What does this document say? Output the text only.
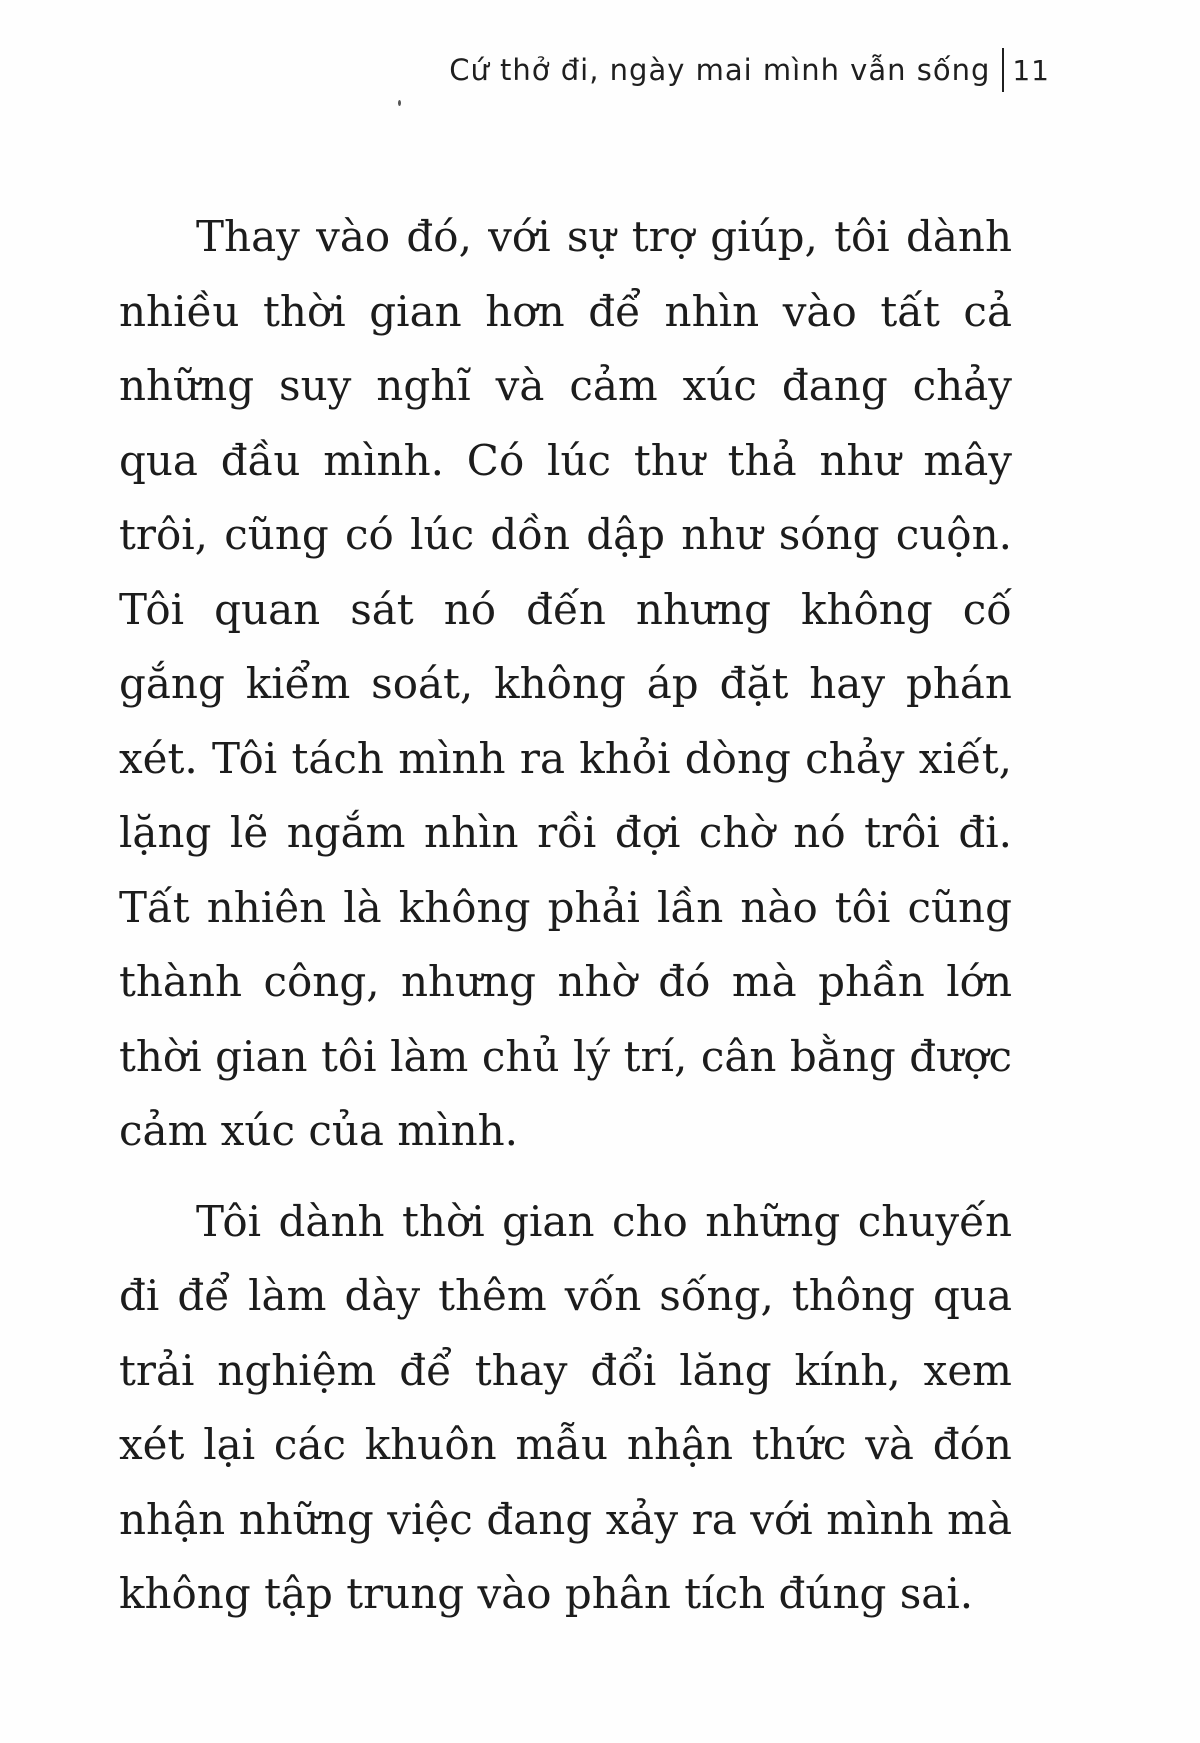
Cứ thở đi, ngày mai mình vẫn sống 11

Thay vào đó, với sự trợ giúp, tôi dành nhiều thời gian hơn để nhìn vào tất cả những suy nghĩ và cảm xúc đang chảy qua đầu mình. Có lúc thư thả như mây trôi, cũng có lúc dồn dập như sóng cuộn. Tôi quan sát nó đến nhưng không cố gắng kiểm soát, không áp đặt hay phán xét. Tôi tách mình ra khỏi dòng chảy xiết, lặng lẽ ngắm nhìn rồi đợi chờ nó trôi đi. Tất nhiên là không phải lần nào tôi cũng thành công, nhưng nhờ đó mà phần lớn thời gian tôi làm chủ lý trí, cân bằng được cảm xúc của mình.

Tôi dành thời gian cho những chuyến đi để làm dày thêm vốn sống, thông qua trải nghiệm để thay đổi lăng kính, xem xét lại các khuôn mẫu nhận thức và đón nhận những việc đang xảy ra với mình mà không tập trung vào phân tích đúng sai.
